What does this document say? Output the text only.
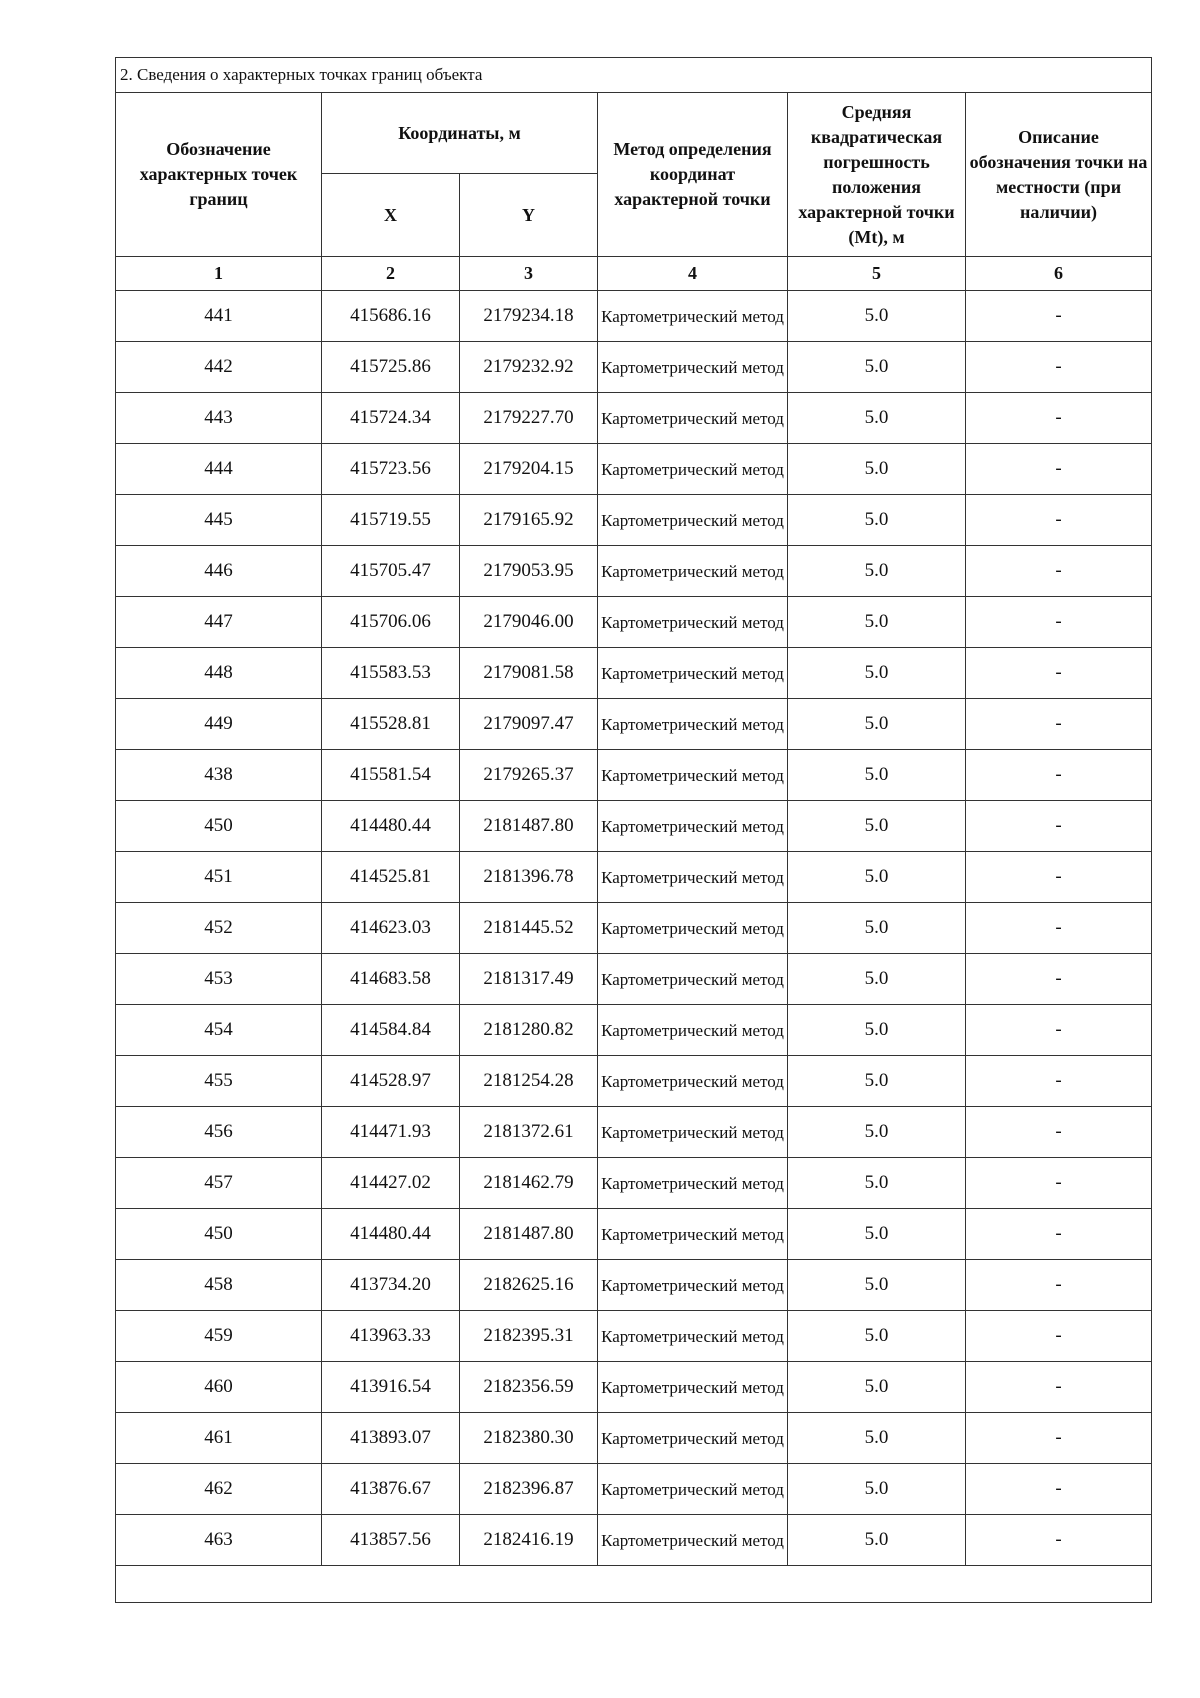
2. Сведения о характерных точках границ объекта					
Обозначение характерных точек границ	Координаты, м		Метод определения координат характерной точки	Средняя квадратическая погрешность положения характерной точки (Mt), м	Описание обозначения точки на местности (при наличии)
	X	Y			
1	2	3	4	5	6
441	415686.16	2179234.18	Картометрический метод	5.0	-
442	415725.86	2179232.92	Картометрический метод	5.0	-
443	415724.34	2179227.70	Картометрический метод	5.0	-
444	415723.56	2179204.15	Картометрический метод	5.0	-
445	415719.55	2179165.92	Картометрический метод	5.0	-
446	415705.47	2179053.95	Картометрический метод	5.0	-
447	415706.06	2179046.00	Картометрический метод	5.0	-
448	415583.53	2179081.58	Картометрический метод	5.0	-
449	415528.81	2179097.47	Картометрический метод	5.0	-
438	415581.54	2179265.37	Картометрический метод	5.0	-
450	414480.44	2181487.80	Картометрический метод	5.0	-
451	414525.81	2181396.78	Картометрический метод	5.0	-
452	414623.03	2181445.52	Картометрический метод	5.0	-
453	414683.58	2181317.49	Картометрический метод	5.0	-
454	414584.84	2181280.82	Картометрический метод	5.0	-
455	414528.97	2181254.28	Картометрический метод	5.0	-
456	414471.93	2181372.61	Картометрический метод	5.0	-
457	414427.02	2181462.79	Картометрический метод	5.0	-
450	414480.44	2181487.80	Картометрический метод	5.0	-
458	413734.20	2182625.16	Картометрический метод	5.0	-
459	413963.33	2182395.31	Картометрический метод	5.0	-
460	413916.54	2182356.59	Картометрический метод	5.0	-
461	413893.07	2182380.30	Картометрический метод	5.0	-
462	413876.67	2182396.87	Картометрический метод	5.0	-
463	413857.56	2182416.19	Картометрический метод	5.0	-
